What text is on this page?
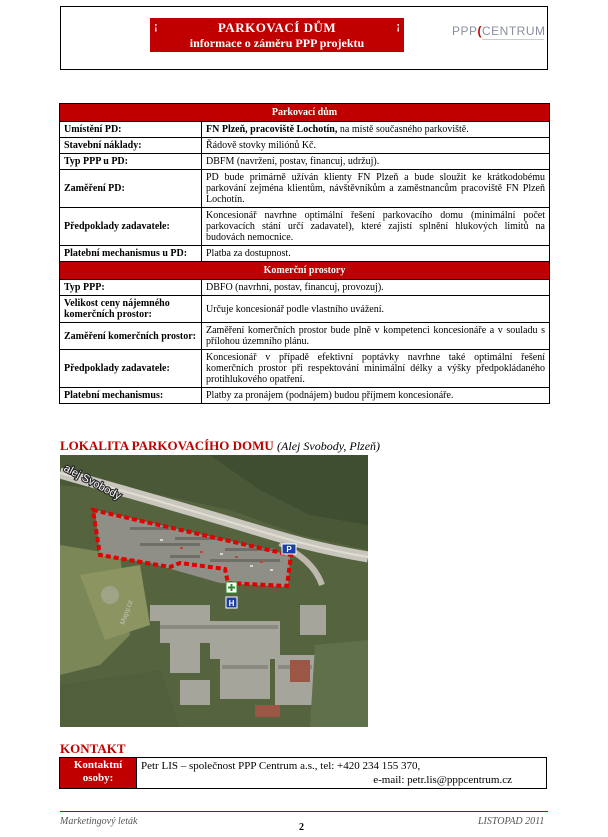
¡	PARKOVACÍ DŮM	¡
informace o záměru PPP projektu
PPP(CENTRUM
Parkovací dům	
Umístění PD:	FN Plzeň, pracoviště Lochotín, na místě současného parkoviště.
Stavební náklady:	Řádově stovky miliónů Kč.
Typ PPP u PD:	DBFM (navržení, postav, financuj, udržuj).
Zaměření PD:	PD bude primárně užíván klienty FN Plzeň a bude sloužit ke krátkodobému parkování zejména klientům, návštěvníkům a zaměstnancům pracoviště FN Plzeň Lochotín.
Předpoklady zadavatele:	Koncesionář navrhne optimální řešení parkovacího domu (minimální počet parkovacích stání určí zadavatel), které zajistí splnění hlukových limitů na budovách nemocnice.
Platební mechanismus u PD:	Platba za dostupnost.
Komerční prostory	
Typ PPP:	DBFO (navrhni, postav, financuj, provozuj).
Velikost ceny nájemného komerčních prostor:	Určuje koncesionář podle vlastního uvážení.
Zaměření komerčních prostor:	Zaměření komerčních prostor bude plně v kompetenci koncesionáře a v souladu s přílohou územního plánu.
Předpoklady zadavatele:	Koncesionář v případě efektivní poptávky navrhne také optimální řešení komerčních prostor při respektování minimální délky a výšky předpokládaného protihlukového opatření.
Platební mechanismus:	Platby za pronájem (podnájem) budou příjmem koncesionáře.
LOKALITA PARKOVACÍHO DOMU (Alej Svobody, Plzeň)
P
H
alej Svobody
Mapy.cz
KONTAKT
Kontaktní osoby:	
Petr LIS – společnost PPP Centrum a.s., tel: +420 234 155 370,
e-mail: petr.lis@pppcentrum.cz
Marketingový leták	LISTOPAD 2011
2
